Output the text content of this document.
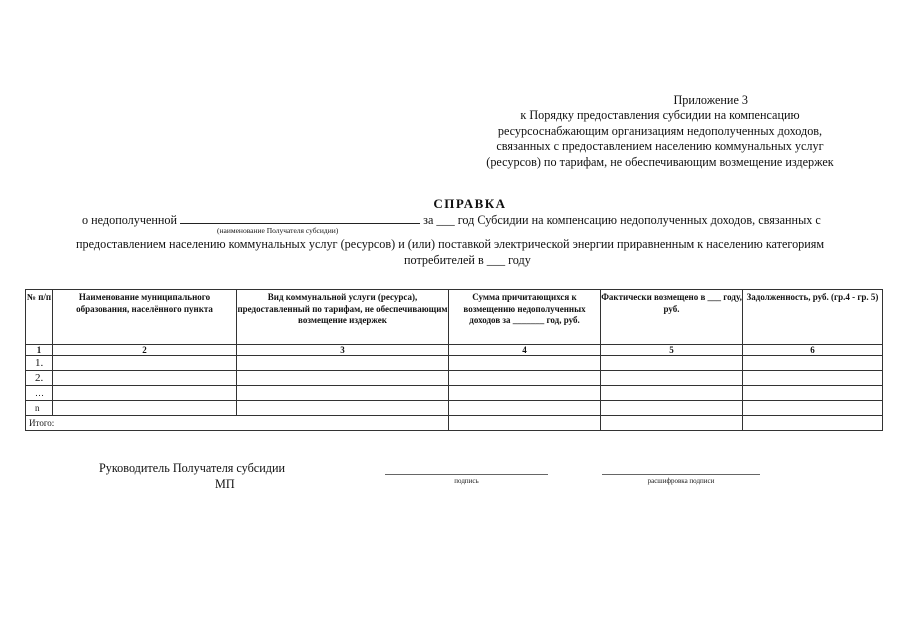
Приложение 3
к Порядку предоставления субсидии на компенсацию
ресурсоснабжающим организациям недополученных доходов,
связанных с предоставлением населению коммунальных услуг
(ресурсов) по тарифам, не обеспечивающим возмещение издержек
СПРАВКА
о недополученной	за ___ год Субсидии на компенсацию недополученных доходов, связанных с
(наименование Получателя субсидии)
предоставлением населению коммунальных услуг (ресурсов) и (или) поставкой электрической энергии приравненным к населению категориям
потребителей в ___ году
№ п/п	Наименование муниципального образования, населённого пункта	Вид коммунальной услуги (ресурса), предоставленный по тарифам, не обеспечивающим возмещение издержек	Сумма причитающихся к возмещению недополученных доходов за _______ год, руб.	Фактически возмещено в ___ году, руб.	Задолженность, руб. (гр.4 - гр. 5)
1	2	3	4	5	6
1.					
2.					
…					
n					
Итого:					
Руководитель Получателя субсидии
МП	подпись	расшифровка подписи
